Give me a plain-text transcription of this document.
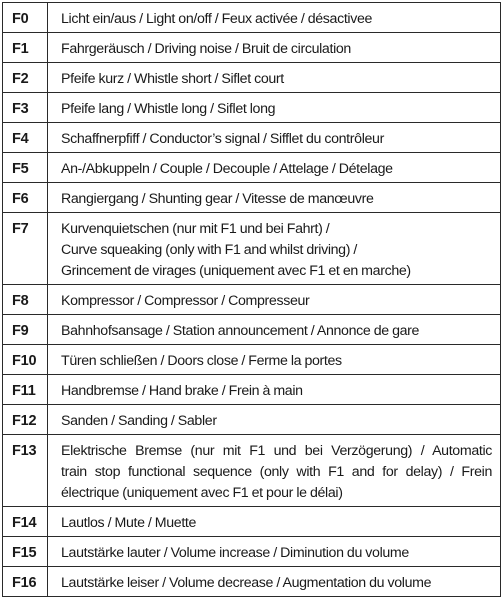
F0	Licht ein/aus / Light on/off / Feux activée / désactivee

F1	Fahrgeräusch / Driving noise / Bruit de circulation

F2	Pfeife kurz / Whistle short / Siflet court

F3	Pfeife lang / Whistle long / Siflet long

F4	Schaffnerpfiff / Conductor’s signal / Sifflet du contrôleur

F5	An-/Abkuppeln / Couple / Decouple / Attelage / Dételage

F6	Rangiergang / Shunting gear / Vitesse de manœuvre

F7	Kurvenquietschen (nur mit F1 und bei Fahrt) /
Curve squeaking (only with F1 and whilst driving) /
Grincement de virages (uniquement avec F1 et en marche)

F8	Kompressor / Compressor / Compresseur

F9	Bahnhofsansage / Station announcement / Annonce de gare

F10	Türen schließen / Doors close / Ferme la portes

F11	Handbremse / Hand brake / Frein à main

F12	Sanden / Sanding / Sabler

F13	Elektrische Bremse (nur mit F1 und bei Verzögerung) / Automatic
train stop functional sequence (only with F1 and for delay) / Frein
électrique (uniquement avec F1 et pour le délai)

F14	Lautlos / Mute / Muette

F15	Lautstärke lauter / Volume increase / Diminution du volume

F16	Lautstärke leiser / Volume decrease / Augmentation du volume
